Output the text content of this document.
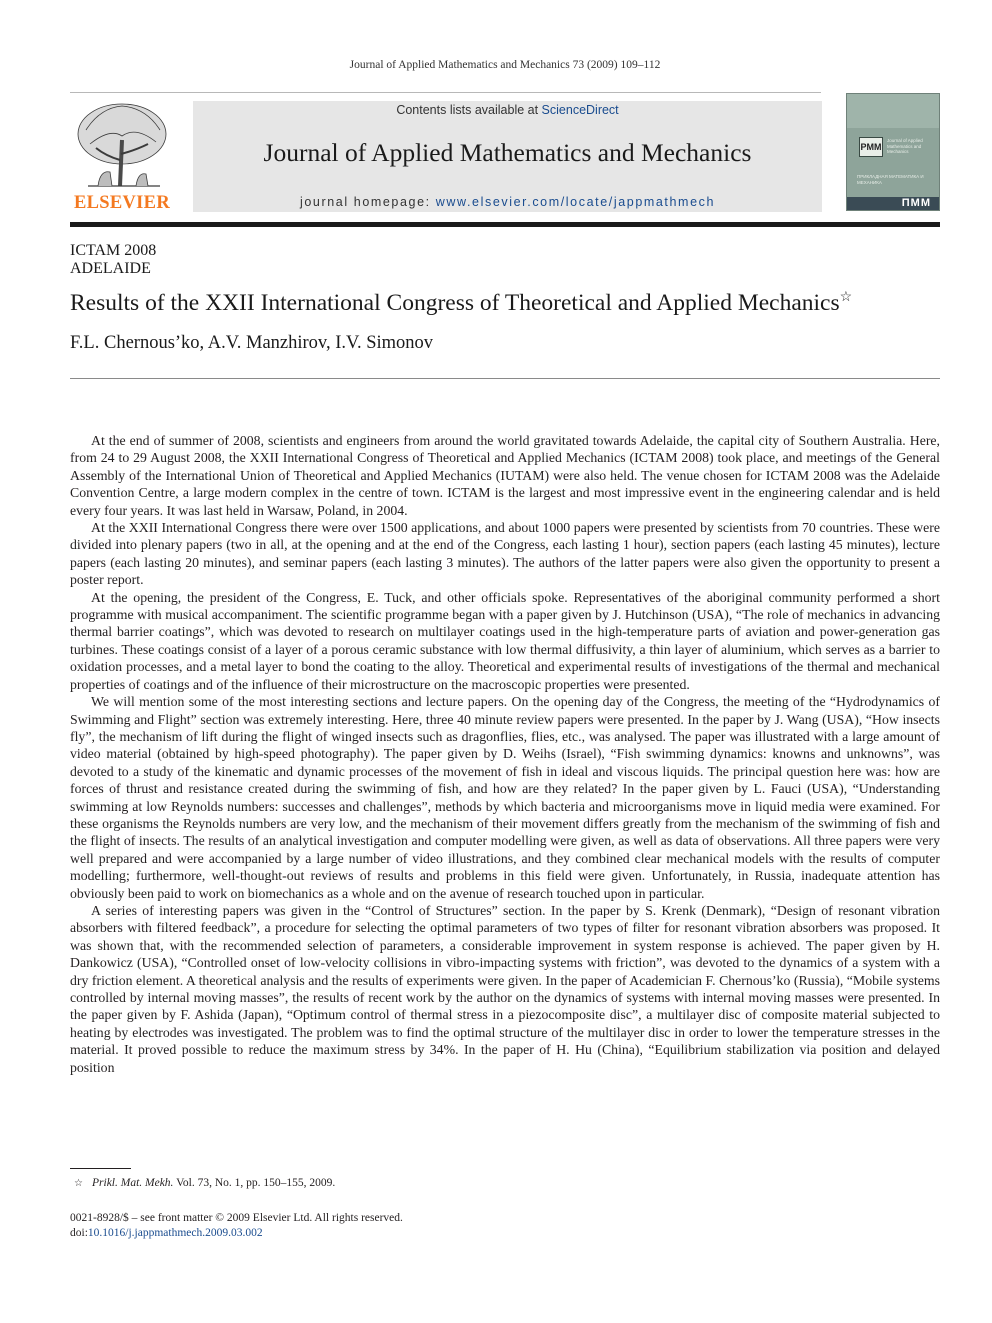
Journal of Applied Mathematics and Mechanics 73 (2009) 109–112
ELSEVIER
Contents lists available at ScienceDirect
Journal of Applied Mathematics and Mechanics
journal homepage: www.elsevier.com/locate/jappmathmech
PMM
Journal of Applied Mathematics and Mechanics
ПРИКЛАДНАЯ МАТЕМАТИКА И МЕХАНИКА
ПММ
ICTAM 2008
ADELAIDE
Results of the XXII International Congress of Theoretical and Applied Mechanics☆
F.L. Chernous’ko, A.V. Manzhirov, I.V. Simonov

At the end of summer of 2008, scientists and engineers from around the world gravitated towards Adelaide, the capital city of Southern Australia. Here, from 24 to 29 August 2008, the XXII International Congress of Theoretical and Applied Mechanics (ICTAM 2008) took place, and meetings of the General Assembly of the International Union of Theoretical and Applied Mechanics (IUTAM) were also held. The venue chosen for ICTAM 2008 was the Adelaide Convention Centre, a large modern complex in the centre of town. ICTAM is the largest and most impressive event in the engineering calendar and is held every four years. It was last held in Warsaw, Poland, in 2004.

At the XXII International Congress there were over 1500 applications, and about 1000 papers were presented by scientists from 70 countries. These were divided into plenary papers (two in all, at the opening and at the end of the Congress, each lasting 1 hour), section papers (each lasting 45 minutes), lecture papers (each lasting 20 minutes), and seminar papers (each lasting 3 minutes). The authors of the latter papers were also given the opportunity to present a poster report.

At the opening, the president of the Congress, E. Tuck, and other officials spoke. Representatives of the aboriginal community performed a short programme with musical accompaniment. The scientific programme began with a paper given by J. Hutchinson (USA), “The role of mechanics in advancing thermal barrier coatings”, which was devoted to research on multilayer coatings used in the high-temperature parts of aviation and power-generation gas turbines. These coatings consist of a layer of a porous ceramic substance with low thermal diffusivity, a thin layer of aluminium, which serves as a barrier to oxidation processes, and a metal layer to bond the coating to the alloy. Theoretical and experimental results of investigations of the thermal and mechanical properties of coatings and of the influence of their microstructure on the macroscopic properties were presented.

We will mention some of the most interesting sections and lecture papers. On the opening day of the Congress, the meeting of the “Hydrodynamics of Swimming and Flight” section was extremely interesting. Here, three 40 minute review papers were presented. In the paper by J. Wang (USA), “How insects fly”, the mechanism of lift during the flight of winged insects such as dragonflies, flies, etc., was analysed. The paper was illustrated with a large amount of video material (obtained by high-speed photography). The paper given by D. Weihs (Israel), “Fish swimming dynamics: knowns and unknowns”, was devoted to a study of the kinematic and dynamic processes of the movement of fish in ideal and viscous liquids. The principal question here was: how are forces of thrust and resistance created during the swimming of fish, and how are they related? In the paper given by L. Fauci (USA), “Understanding swimming at low Reynolds numbers: successes and challenges”, methods by which bacteria and microorganisms move in liquid media were examined. For these organisms the Reynolds numbers are very low, and the mechanism of their movement differs greatly from the mechanism of the swimming of fish and the flight of insects. The results of an analytical investigation and computer modelling were given, as well as data of observations. All three papers were very well prepared and were accompanied by a large number of video illustrations, and they combined clear mechanical models with the results of computer modelling; furthermore, well-thought-out reviews of results and problems in this field were given. Unfortunately, in Russia, inadequate attention has obviously been paid to work on biomechanics as a whole and on the avenue of research touched upon in particular.

A series of interesting papers was given in the “Control of Structures” section. In the paper by S. Krenk (Denmark), “Design of resonant vibration absorbers with filtered feedback”, a procedure for selecting the optimal parameters of two types of filter for resonant vibration absorbers was proposed. It was shown that, with the recommended selection of parameters, a considerable improvement in system response is achieved. The paper given by H. Dankowicz (USA), “Controlled onset of low-velocity collisions in vibro-impacting systems with friction”, was devoted to the dynamics of a system with a dry friction element. A theoretical analysis and the results of experiments were given. In the paper of Academician F. Chernous’ko (Russia), “Mobile systems controlled by internal moving masses”, the results of recent work by the author on the dynamics of systems with internal moving masses were presented. In the paper given by F. Ashida (Japan), “Optimum control of thermal stress in a piezocomposite disc”, a multilayer disc of composite material subjected to heating by electrodes was investigated. The problem was to find the optimal structure of the multilayer disc in order to lower the temperature stresses in the material. It proved possible to reduce the maximum stress by 34%. In the paper of H. Hu (China), “Equilibrium stabilization via position and delayed position

☆ Prikl. Mat. Mekh. Vol. 73, No. 1, pp. 150–155, 2009.
0021-8928/$ – see front matter © 2009 Elsevier Ltd. All rights reserved.
doi:10.1016/j.jappmathmech.2009.03.002
